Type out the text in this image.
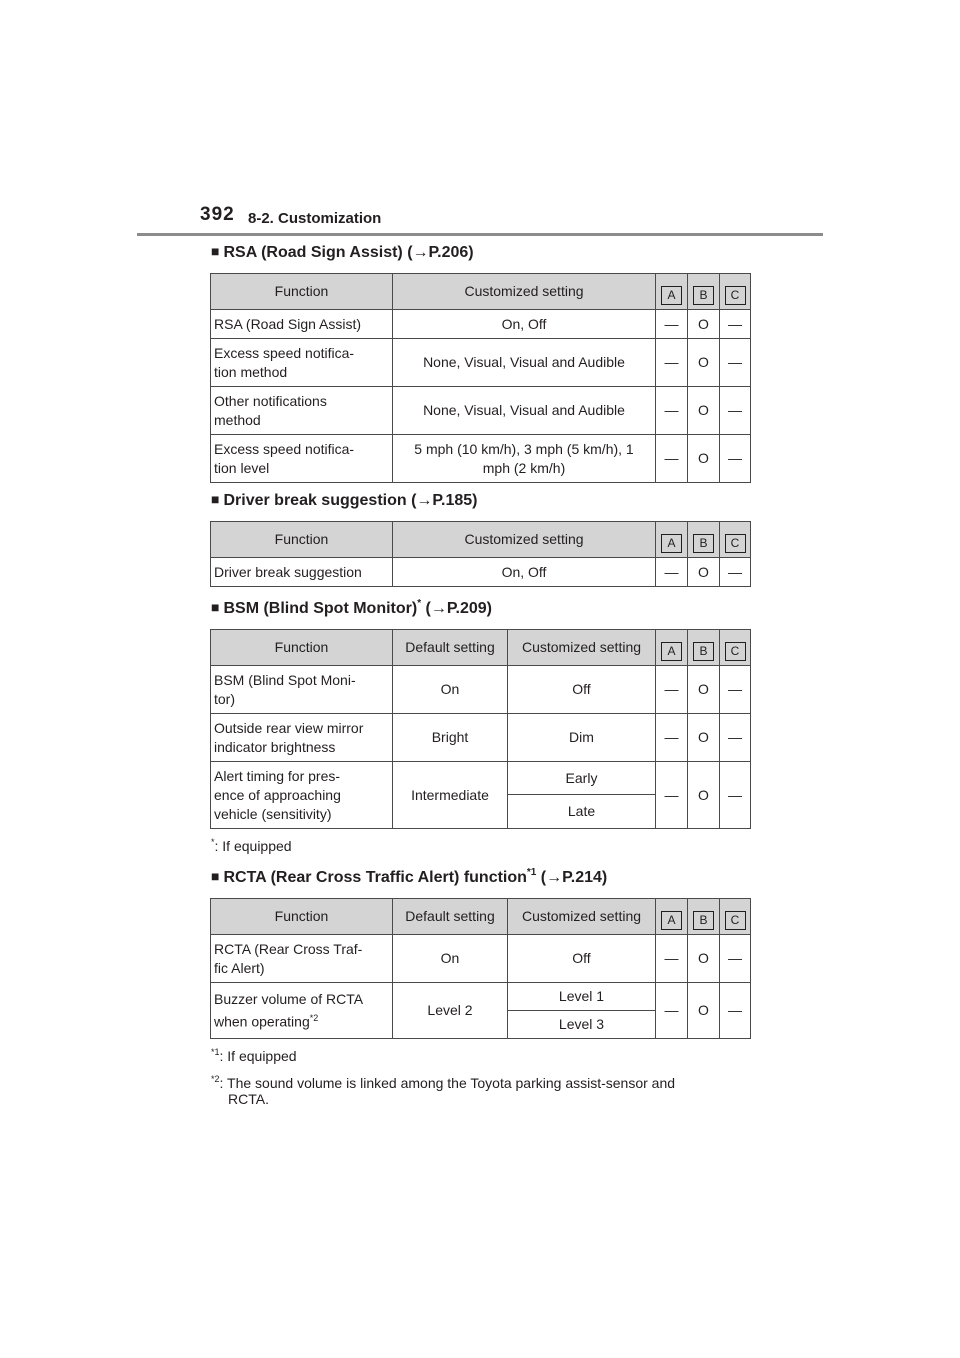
392 8-2. Customization
■ RSA (Road Sign Assist) (→P.206)
Function	Customized setting	A	B	C
RSA (Road Sign Assist)	On, Off	—	O	—
Excess speed notifica-
tion method	None, Visual, Visual and Audible	—	O	—
Other notifications
method	None, Visual, Visual and Audible	—	O	—
Excess speed notifica-
tion level	5 mph (10 km/h), 3 mph (5 km/h), 1
mph (2 km/h)	—	O	—
■ Driver break suggestion (→P.185)
Function	Customized setting	A	B	C
Driver break suggestion	On, Off	—	O	—
■ BSM (Blind Spot Monitor)* (→P.209)
Function	Default setting	Customized setting	A	B	C
BSM (Blind Spot Moni-
tor)	On	Off	—	O	—
Outside rear view mirror
indicator brightness	Bright	Dim	—	O	—
Alert timing for pres-
ence of approaching
vehicle (sensitivity)	Intermediate	Early	—	O	—
		Late			
*: If equipped
■ RCTA (Rear Cross Traffic Alert) function$^{*1}$ (→P.214)
Function	Default setting	Customized setting	A	B	C
RCTA (Rear Cross Traf-
fic Alert)	On	Off	—	O	—
Buzzer volume of RCTA
when operating$^{*2}$	Level 2	Level 1	—	O	—
		Level 3			
$^{*1}$: If equipped
$^{*2}$: The sound volume is linked among the Toyota parking assist-sensor and
RCTA.
